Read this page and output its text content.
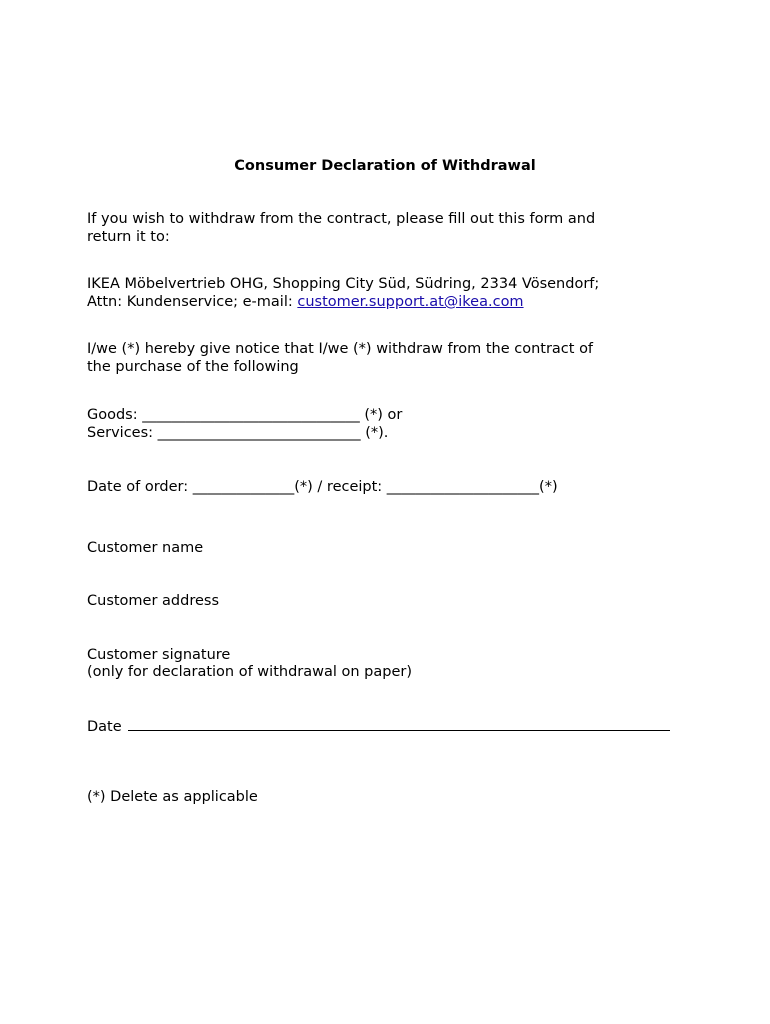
Consumer Declaration of Withdrawal

If you wish to withdraw from the contract, please fill out this form and

return it to:

IKEA Möbelvertrieb OHG, Shopping City Süd, Südring, 2334 Vösendorf;

Attn: Kundenservice; e-mail: customer.support.at@ikea.com

I/we (*) hereby give notice that I/we (*) withdraw from the contract of

the purchase of the following

Goods: ______________________________ (*) or

Services: ____________________________ (*).

Date of order: ______________(*) / receipt: _____________________(*)

Customer name

Customer address

Customer signature

(only for declaration of withdrawal on paper)

Date

(*) Delete as applicable
